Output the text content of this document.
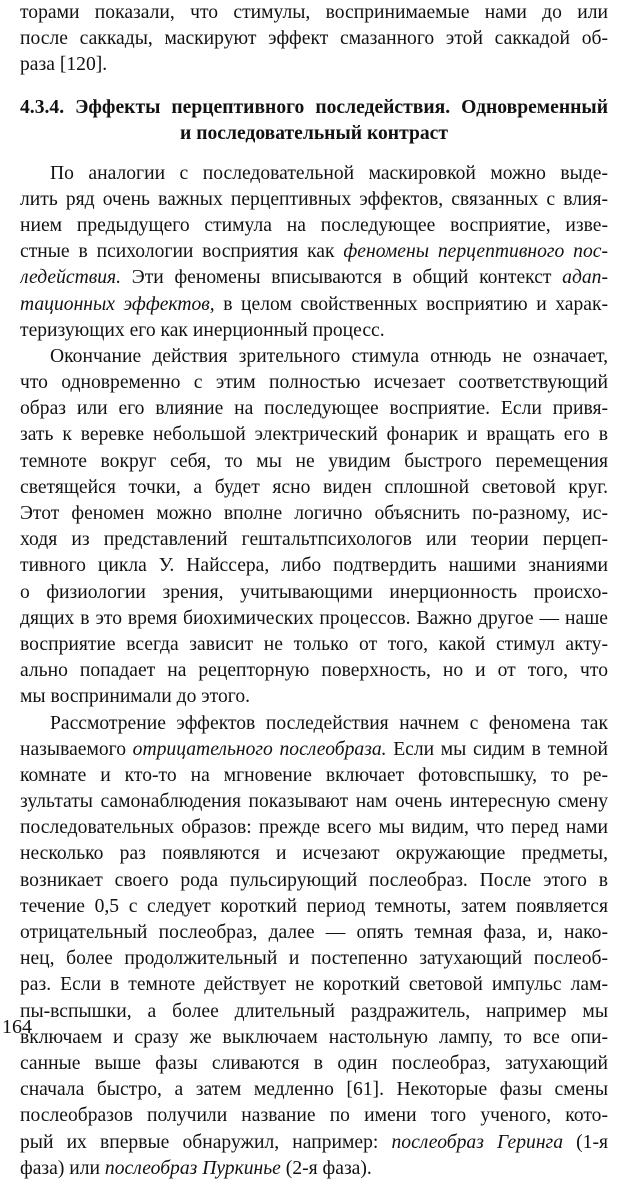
торами показали, что стимулы, воспринимаемые нами до или
после саккады, маскируют эффект смазанного этой саккадой об-
раза [120].
4.3.4. Эффекты перцептивного последействия. Одновременный
и последовательный контраст
По аналогии с последовательной маскировкой можно выде-
лить ряд очень важных перцептивных эффектов, связанных с влия-
нием предыдущего стимула на последующее восприятие, изве-
стные в психологии восприятия как феномены перцептивного пос-
ледействия. Эти феномены вписываются в общий контекст адап-
тационных эффектов, в целом свойственных восприятию и харак-
теризующих его как инерционный процесс.
Окончание действия зрительного стимула отнюдь не означает,
что одновременно с этим полностью исчезает соответствующий
образ или его влияние на последующее восприятие. Если привя-
зать к веревке небольшой электрический фонарик и вращать его в
темноте вокруг себя, то мы не увидим быстрого перемещения
светящейся точки, а будет ясно виден сплошной световой круг.
Этот феномен можно вполне логично объяснить по-разному, ис-
ходя из представлений гештальтпсихологов или теории перцеп-
тивного цикла У. Найссера, либо подтвердить нашими знаниями
о физиологии зрения, учитывающими инерционность происхо-
дящих в это время биохимических процессов. Важно другое — наше
восприятие всегда зависит не только от того, какой стимул акту-
ально попадает на рецепторную поверхность, но и от того, что
мы воспринимали до этого.
Рассмотрение эффектов последействия начнем с феномена так
называемого отрицательного послеобраза. Если мы сидим в темной
комнате и кто-то на мгновение включает фотовспышку, то ре-
зультаты самонаблюдения показывают нам очень интересную смену
последовательных образов: прежде всего мы видим, что перед нами
несколько раз появляются и исчезают окружающие предметы,
возникает своего рода пульсирующий послеобраз. После этого в
течение 0,5 с следует короткий период темноты, затем появляется
отрицательный послеобраз, далее — опять темная фаза, и, нако-
нец, более продолжительный и постепенно затухающий послеоб-
раз. Если в темноте действует не короткий световой импульс лам-
пы-вспышки, а более длительный раздражитель, например мы
включаем и сразу же выключаем настольную лампу, то все опи-
санные выше фазы сливаются в один послеобраз, затухающий
сначала быстро, а затем медленно [61]. Некоторые фазы смены
послеобразов получили название по имени того ученого, кото-
рый их впервые обнаружил, например: послеобраз Геринга (1-я
фаза) или послеобраз Пуркинье (2-я фаза).
164
